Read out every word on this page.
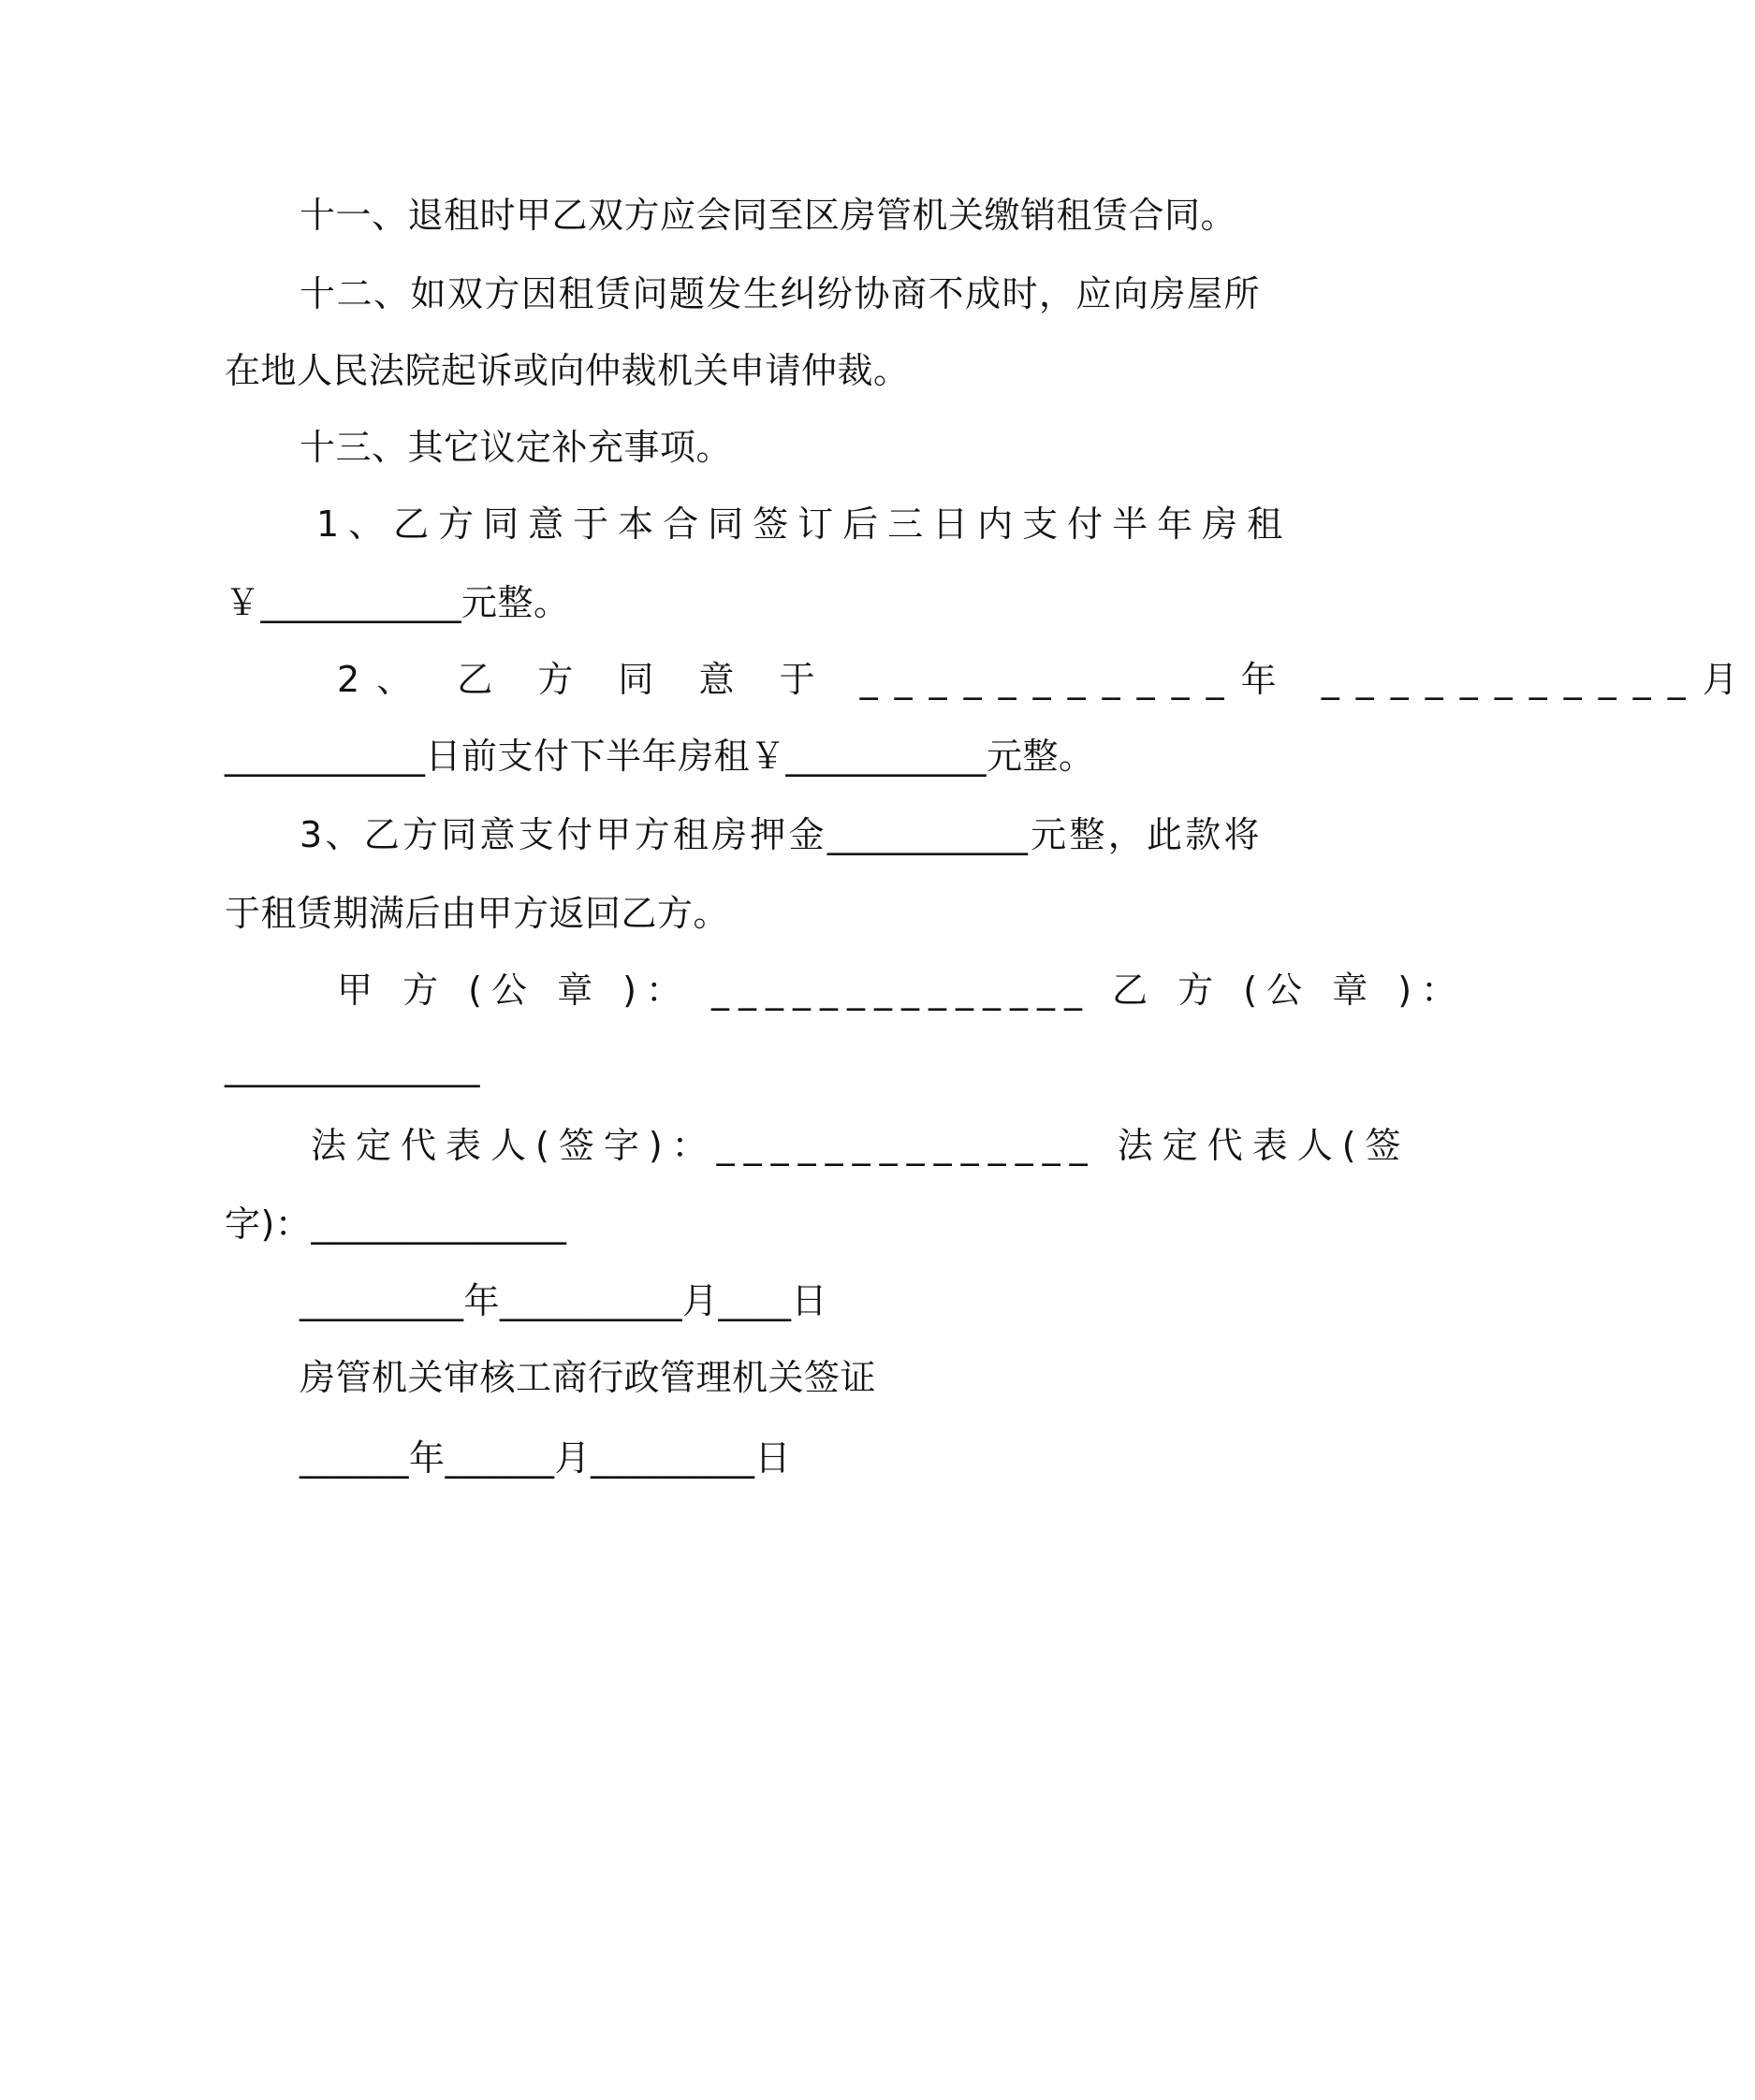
十一、退租时甲乙双方应会同至区房管机关缴销租赁合同。
十二、如双方因租赁问题发生纠纷协商不成时，应向房屋所
在地人民法院起诉或向仲裁机关申请仲裁。
十三、其它议定补充事项。
1、乙方同意于本合同签订后三日内支付半年房租
￥___________元整。
2、 乙 方 同 意 于 ___________年 ___________月
___________日前支付下半年房租￥___________元整。
3、乙方同意支付甲方租房押金___________元整，此款将
于租赁期满后由甲方返回乙方。
甲 方 (公 章 )： ______________ 乙 方 (公 章 )：
______________
法定代表人(签字)：______________ 法定代表人(签
字)：______________
_________年__________月____日
房管机关审核工商行政管理机关签证
______年______月_________日
